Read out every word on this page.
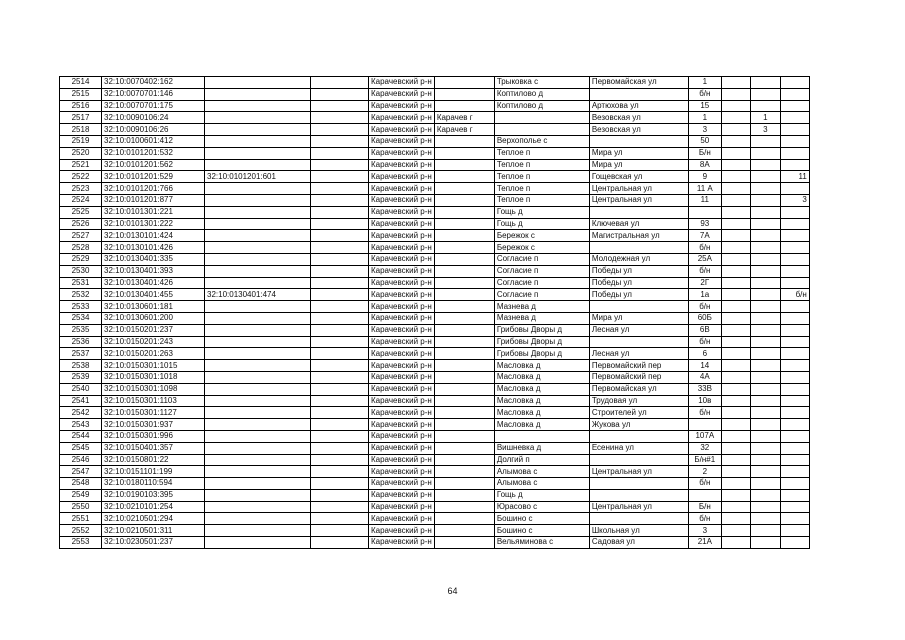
2514	32:10:0070402:162			Карачевский р-н		Трыковка с	Первомайская ул	1			
2515	32:10:0070701:146			Карачевский р-н		Коптилово д		б/н			
2516	32:10:0070701:175			Карачевский р-н		Коптилово д	Артюхова ул	15			
2517	32:10:0090106:24			Карачевский р-н	Карачев г		Везовская ул	1		1	
2518	32:10:0090106:26			Карачевский р-н	Карачев г		Везовская ул	3		3	
2519	32:10:0100601:412			Карачевский р-н		Верхополье с		50			
2520	32:10:0101201:532			Карачевский р-н		Теплое п	Мира ул	Б/н			
2521	32:10:0101201:562			Карачевский р-н		Теплое п	Мира ул	8А			
2522	32:10:0101201:529	32:10:0101201:601		Карачевский р-н		Теплое п	Гощевская ул	9			11
2523	32:10:0101201:766			Карачевский р-н		Теплое п	Центральная ул	11 А			
2524	32:10:0101201:877			Карачевский р-н		Теплое п	Центральная ул	11			3
2525	32:10:0101301:221			Карачевский р-н		Гощь д					
2526	32:10:0101301:222			Карачевский р-н		Гощь д	Ключевая ул	93			
2527	32:10:0130101:424			Карачевский р-н		Бережок с	Магистральная ул	7А			
2528	32:10:0130101:426			Карачевский р-н		Бережок с		б/н			
2529	32:10:0130401:335			Карачевский р-н		Согласие п	Молодежная ул	25А			
2530	32:10:0130401:393			Карачевский р-н		Согласие п	Победы ул	б/н			
2531	32:10:0130401:426			Карачевский р-н		Согласие п	Победы ул	2Г			
2532	32:10:0130401:455	32:10:0130401:474		Карачевский р-н		Согласие п	Победы ул	1а			б/н
2533	32:10:0130601:181			Карачевский р-н		Мазнева д		б/н			
2534	32:10:0130601:200			Карачевский р-н		Мазнева д	Мира ул	60Б			
2535	32:10:0150201:237			Карачевский р-н		Грибовы Дворы д	Лесная ул	6В			
2536	32:10:0150201:243			Карачевский р-н		Грибовы Дворы д		б/н			
2537	32:10:0150201:263			Карачевский р-н		Грибовы Дворы д	Лесная ул	6			
2538	32:10:0150301:1015			Карачевский р-н		Масловка д	Первомайский пер	14			
2539	32:10:0150301:1018			Карачевский р-н		Масловка д	Первомайский пер	4А			
2540	32:10:0150301:1098			Карачевский р-н		Масловка д	Первомайская ул	33В			
2541	32:10:0150301:1103			Карачевский р-н		Масловка д	Трудовая ул	10в			
2542	32:10:0150301:1127			Карачевский р-н		Масловка д	Строителей ул	б/н			
2543	32:10:0150301:937			Карачевский р-н		Масловка д	Жукова ул				
2544	32:10:0150301:996			Карачевский р-н				107А			
2545	32:10:0150401:357			Карачевский р-н		Вишневка д	Есенина ул	32			
2546	32:10:0150801:22			Карачевский р-н		Долгий п		Б/н#1			
2547	32:10:0151101:199			Карачевский р-н		Алымова с	Центральная ул	2			
2548	32:10:0180110:594			Карачевский р-н		Алымова с		б/н			
2549	32:10:0190103:395			Карачевский р-н		Гощь д					
2550	32:10:0210101:254			Карачевский р-н		Юрасово с	Центральная ул	Б/н			
2551	32:10:0210501:294			Карачевский р-н		Бошино с		б/н			
2552	32:10:0210501:311			Карачевский р-н		Бошино с	Школьная ул	3			
2553	32:10:0230501:237			Карачевский р-н		Вельяминова с	Садовая ул	21А			
64
